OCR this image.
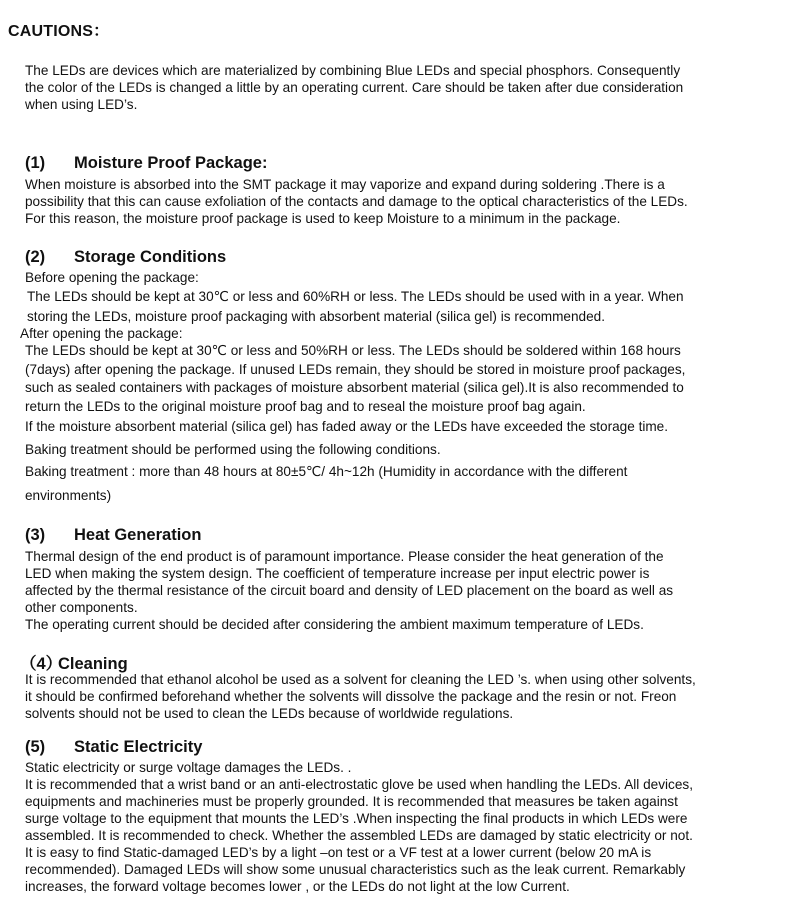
CAUTIONS：
The LEDs are devices which are materialized by combining Blue LEDs and special phosphors. Consequently
the color of the LEDs is changed a little by an operating current. Care should be taken after due consideration
when using LED’s.
(1) Moisture Proof Package:
When moisture is absorbed into the SMT package it may vaporize and expand during soldering .There is a
possibility that this can cause exfoliation of the contacts and damage to the optical characteristics of the LEDs.
For this reason, the moisture proof package is used to keep Moisture to a minimum in the package.
(2) Storage Conditions
Before opening the package:
The LEDs should be kept at 30℃ or less and 60%RH or less. The LEDs should be used with in a year. When
storing the LEDs, moisture proof packaging with absorbent material (silica gel) is recommended.
After opening the package:
The LEDs should be kept at 30℃ or less and 50%RH or less. The LEDs should be soldered within 168 hours
(7days) after opening the package. If unused LEDs remain, they should be stored in moisture proof packages,
such as sealed containers with packages of moisture absorbent material (silica gel).It is also recommended to
return the LEDs to the original moisture proof bag and to reseal the moisture proof bag again.
If the moisture absorbent material (silica gel) has faded away or the LEDs have exceeded the storage time.
Baking treatment should be performed using the following conditions.
Baking treatment : more than 48 hours at 80±5℃/ 4h~12h (Humidity in accordance with the different
environments)
(3) Heat Generation
Thermal design of the end product is of paramount importance. Please consider the heat generation of the
LED when making the system design. The coefficient of temperature increase per input electric power is
affected by the thermal resistance of the circuit board and density of LED placement on the board as well as
other components.
The operating current should be decided after considering the ambient maximum temperature of LEDs.
（4）Cleaning
It is recommended that ethanol alcohol be used as a solvent for cleaning the LED ’s. when using other solvents,
it should be confirmed beforehand whether the solvents will dissolve the package and the resin or not. Freon
solvents should not be used to clean the LEDs because of worldwide regulations.
(5) Static Electricity
Static electricity or surge voltage damages the LEDs. .
It is recommended that a wrist band or an anti-electrostatic glove be used when handling the LEDs. All devices,
equipments and machineries must be properly grounded. It is recommended that measures be taken against
surge voltage to the equipment that mounts the LED’s .When inspecting the final products in which LEDs were
assembled. It is recommended to check. Whether the assembled LEDs are damaged by static electricity or not.
It is easy to find Static-damaged LED’s by a light –on test or a VF test at a lower current (below 20 mA is
recommended). Damaged LEDs will show some unusual characteristics such as the leak current. Remarkably
increases, the forward voltage becomes lower , or the LEDs do not light at the low Current.
